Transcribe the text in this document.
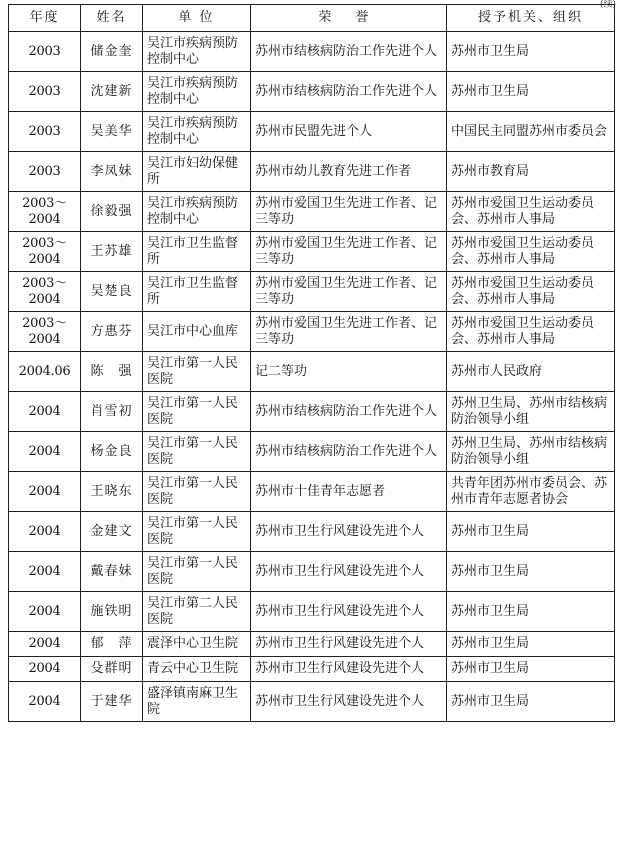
(续)
年度	姓名	单 位	荣 誉	授予机关、组织
2003	储金奎	吴江市疾病预防控制中心	苏州市结核病防治工作先进个人	苏州市卫生局
2003	沈建新	吴江市疾病预防控制中心	苏州市结核病防治工作先进个人	苏州市卫生局
2003	吴美华	吴江市疾病预防控制中心	苏州市民盟先进个人	中国民主同盟苏州市委员会
2003	李凤妹	吴江市妇幼保健所	苏州市幼儿教育先进工作者	苏州市教育局
2003～2004	徐毅强	吴江市疾病预防控制中心	苏州市爱国卫生先进工作者、记三等功	苏州市爱国卫生运动委员会、苏州市人事局
2003～2004	王苏雄	吴江市卫生监督所	苏州市爱国卫生先进工作者、记三等功	苏州市爱国卫生运动委员会、苏州市人事局
2003～2004	吴楚良	吴江市卫生监督所	苏州市爱国卫生先进工作者、记三等功	苏州市爱国卫生运动委员会、苏州市人事局
2003～2004	方惠芬	吴江市中心血库	苏州市爱国卫生先进工作者、记三等功	苏州市爱国卫生运动委员会、苏州市人事局
2004.06	陈　强	吴江市第一人民医院	记二等功	苏州市人民政府
2004	肖雪初	吴江市第一人民医院	苏州市结核病防治工作先进个人	苏州卫生局、苏州市结核病防治领导小组
2004	杨金良	吴江市第一人民医院	苏州市结核病防治工作先进个人	苏州卫生局、苏州市结核病防治领导小组
2004	王晓东	吴江市第一人民医院	苏州市十佳青年志愿者	共青年团苏州市委员会、苏州市青年志愿者协会
2004	金建文	吴江市第一人民医院	苏州市卫生行风建设先进个人	苏州市卫生局
2004	戴春妹	吴江市第一人民医院	苏州市卫生行风建设先进个人	苏州市卫生局
2004	施铁明	吴江市第二人民医院	苏州市卫生行风建设先进个人	苏州市卫生局
2004	郁　萍	震泽中心卫生院	苏州市卫生行风建设先进个人	苏州市卫生局
2004	殳群明	青云中心卫生院	苏州市卫生行风建设先进个人	苏州市卫生局
2004	于建华	盛泽镇南麻卫生院	苏州市卫生行风建设先进个人	苏州市卫生局
